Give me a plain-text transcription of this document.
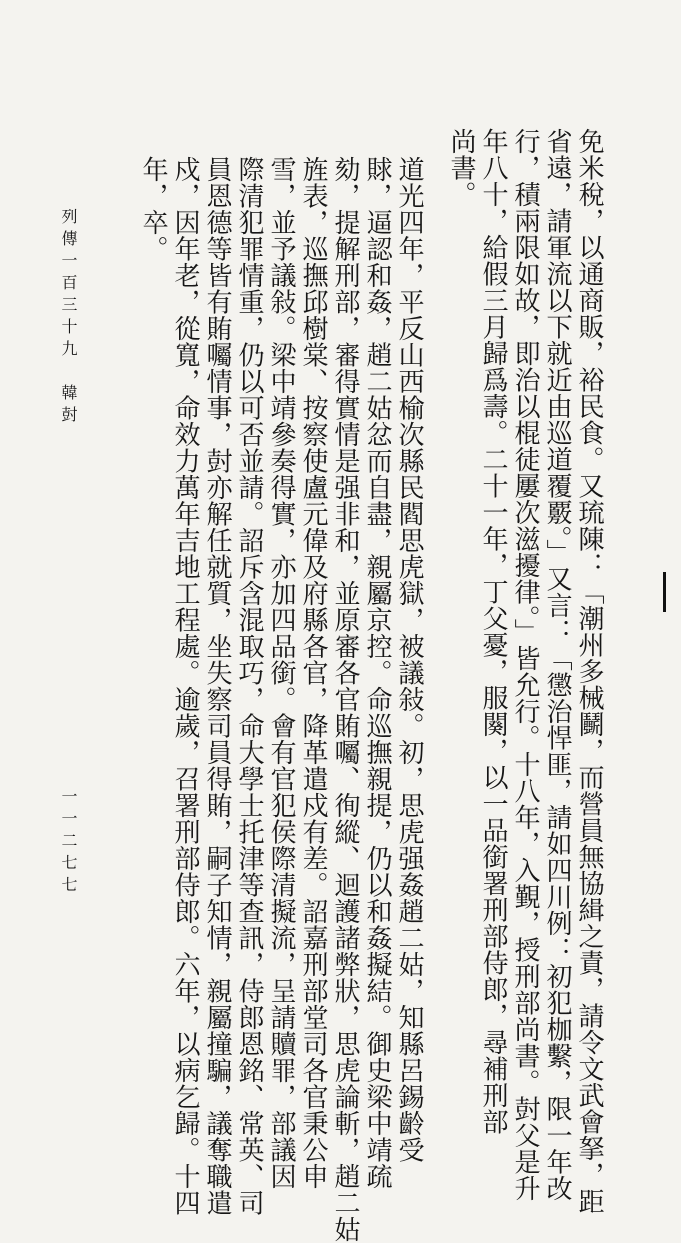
免米稅，以通商販，裕民食。又琉陳：「潮州多械鬭，而營員無協緝之責，請令文武會拏，距
省遠，請軍流以下就近由巡道覆覈。」又言：「懲治悍匪，請如四川例：初犯枷繫，限一年改
行，積兩限如故，即治以棍徒屢次滋擾律。」皆允行。十八年，入覲，授刑部尚書。尌父是升
年八十，給假三月歸爲壽。二十一年，丁父憂，服闋，以一品銜署刑部侍郎，尋補刑部
尚書。
道光四年，平反山西榆次縣民閻思虎獄，被議敍。初，思虎强姦趙二姑，知縣呂錫齡受
賕，逼認和姦，趙二姑忿而自盡，親屬京控。命巡撫親提，仍以和姦擬結。御史梁中靖疏
劾，提解刑部，審得實情是强非和，並原審各官賄囑、徇縱、迴護諸弊狀，思虎論斬，趙二姑
旌表，巡撫邱樹棠、按察使盧元偉及府縣各官，降革遣戍有差。詔嘉刑部堂司各官秉公申
雪，並予議敍。梁中靖參奏得實，亦加四品銜。會有官犯侯際清擬流，呈請贖罪，部議因
際清犯罪情重，仍以可否並請。詔斥含混取巧，命大學士托津等查訊，侍郎恩銘、常英、司
員恩德等皆有賄囑情事，尌亦解任就質，坐失察司員得賄，嗣子知情，親屬撞騙，議奪職遣
戍，因年老，從寬，命效力萬年吉地工程處。逾歲，召署刑部侍郎。六年，以病乞歸。十四
年，卒。
列傳一百三十九　韓尌
一一二七七
